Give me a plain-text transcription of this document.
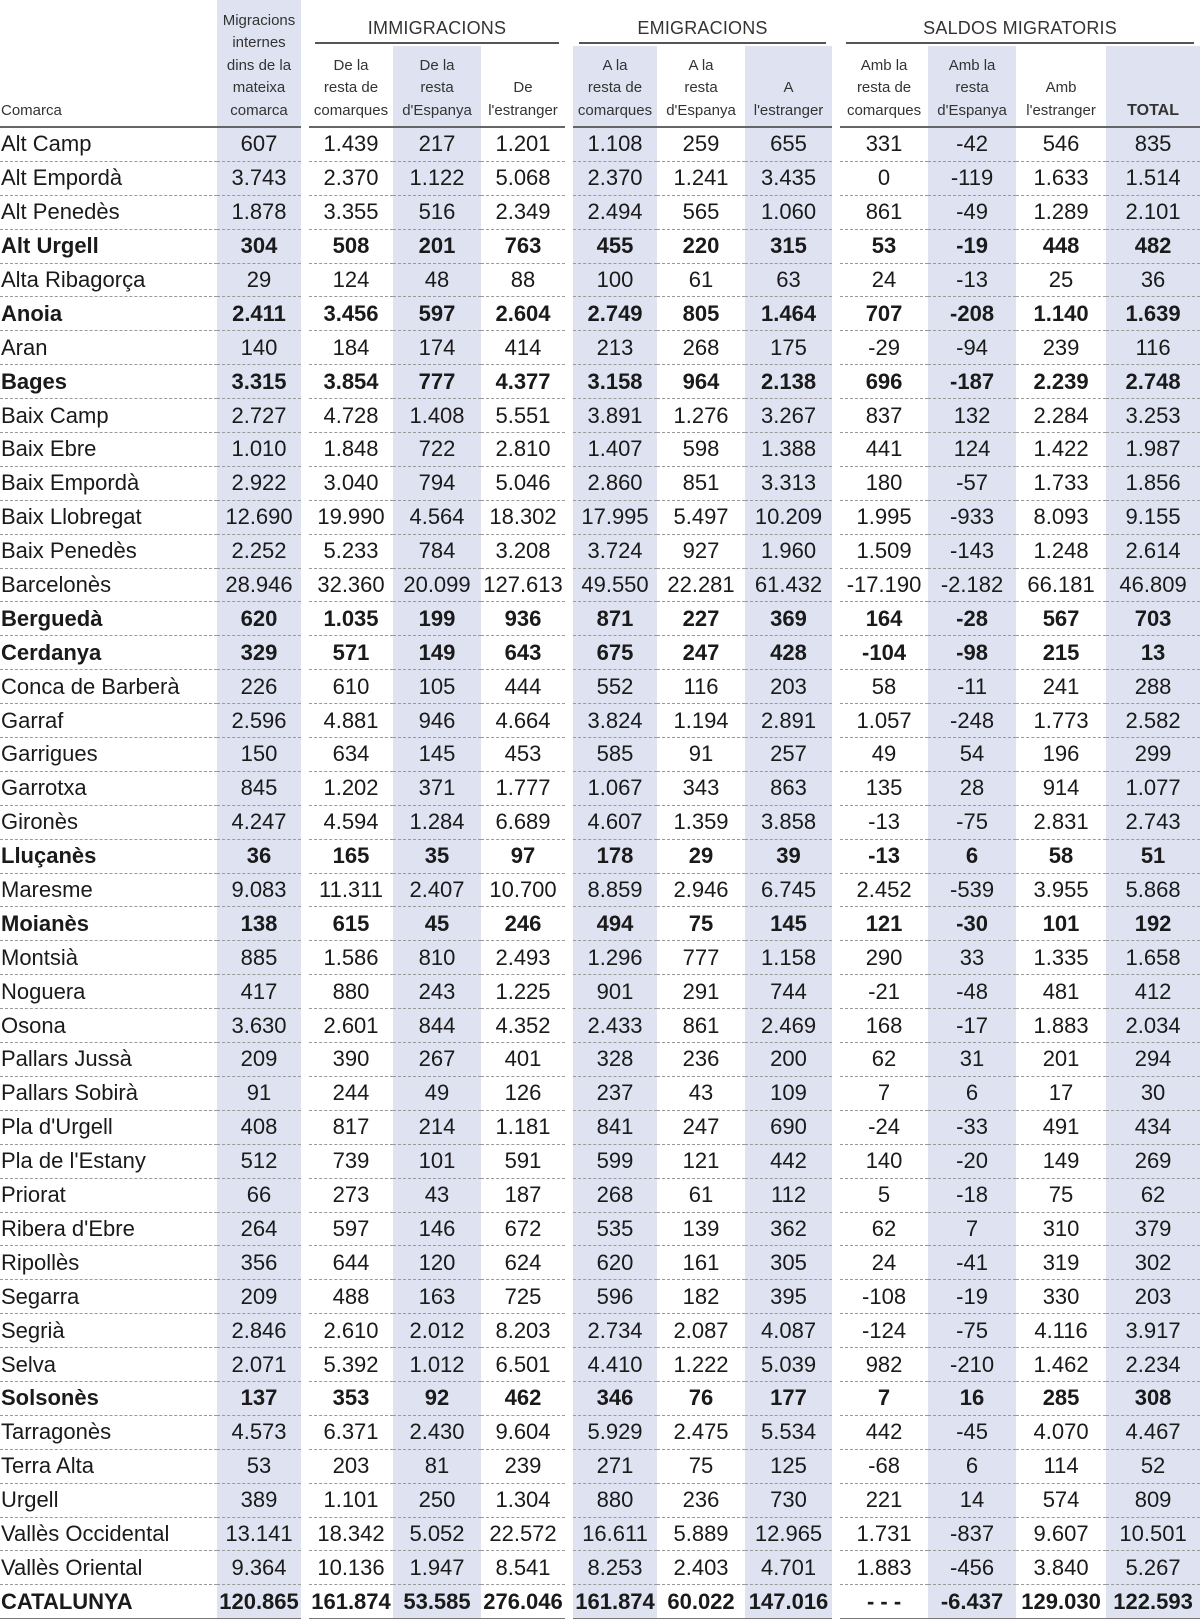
	Migracions
internes
dins de la
mateixa
comarca	IMMIGRACIONS			EMIGRACIONS			SALDOS MIGRATORIS			

Comarca		De la
resta de
comarques	De la
resta
d'Espanya	De
l'estranger	A la
resta de
comarques	A la
resta
d'Espanya	A
l'estranger	Amb la
resta de
comarques	Amb la
resta
d'Espanya	Amb
l'estranger	TOTAL

Alt Camp	607	1.439	217	1.201	1.108	259	655	331	-42	546	835
Alt Empordà	3.743	2.370	1.122	5.068	2.370	1.241	3.435	0	-119	1.633	1.514
Alt Penedès	1.878	3.355	516	2.349	2.494	565	1.060	861	-49	1.289	2.101
Alt Urgell	304	508	201	763	455	220	315	53	-19	448	482
Alta Ribagorça	29	124	48	88	100	61	63	24	-13	25	36
Anoia	2.411	3.456	597	2.604	2.749	805	1.464	707	-208	1.140	1.639
Aran	140	184	174	414	213	268	175	-29	-94	239	116
Bages	3.315	3.854	777	4.377	3.158	964	2.138	696	-187	2.239	2.748
Baix Camp	2.727	4.728	1.408	5.551	3.891	1.276	3.267	837	132	2.284	3.253
Baix Ebre	1.010	1.848	722	2.810	1.407	598	1.388	441	124	1.422	1.987
Baix Empordà	2.922	3.040	794	5.046	2.860	851	3.313	180	-57	1.733	1.856
Baix Llobregat	12.690	19.990	4.564	18.302	17.995	5.497	10.209	1.995	-933	8.093	9.155
Baix Penedès	2.252	5.233	784	3.208	3.724	927	1.960	1.509	-143	1.248	2.614
Barcelonès	28.946	32.360	20.099	127.613	49.550	22.281	61.432	-17.190	-2.182	66.181	46.809
Berguedà	620	1.035	199	936	871	227	369	164	-28	567	703
Cerdanya	329	571	149	643	675	247	428	-104	-98	215	13
Conca de Barberà	226	610	105	444	552	116	203	58	-11	241	288
Garraf	2.596	4.881	946	4.664	3.824	1.194	2.891	1.057	-248	1.773	2.582
Garrigues	150	634	145	453	585	91	257	49	54	196	299
Garrotxa	845	1.202	371	1.777	1.067	343	863	135	28	914	1.077
Gironès	4.247	4.594	1.284	6.689	4.607	1.359	3.858	-13	-75	2.831	2.743
Lluçanès	36	165	35	97	178	29	39	-13	6	58	51
Maresme	9.083	11.311	2.407	10.700	8.859	2.946	6.745	2.452	-539	3.955	5.868
Moianès	138	615	45	246	494	75	145	121	-30	101	192
Montsià	885	1.586	810	2.493	1.296	777	1.158	290	33	1.335	1.658
Noguera	417	880	243	1.225	901	291	744	-21	-48	481	412
Osona	3.630	2.601	844	4.352	2.433	861	2.469	168	-17	1.883	2.034
Pallars Jussà	209	390	267	401	328	236	200	62	31	201	294
Pallars Sobirà	91	244	49	126	237	43	109	7	6	17	30
Pla d'Urgell	408	817	214	1.181	841	247	690	-24	-33	491	434
Pla de l'Estany	512	739	101	591	599	121	442	140	-20	149	269
Priorat	66	273	43	187	268	61	112	5	-18	75	62
Ribera d'Ebre	264	597	146	672	535	139	362	62	7	310	379
Ripollès	356	644	120	624	620	161	305	24	-41	319	302
Segarra	209	488	163	725	596	182	395	-108	-19	330	203
Segrià	2.846	2.610	2.012	8.203	2.734	2.087	4.087	-124	-75	4.116	3.917
Selva	2.071	5.392	1.012	6.501	4.410	1.222	5.039	982	-210	1.462	2.234
Solsonès	137	353	92	462	346	76	177	7	16	285	308
Tarragonès	4.573	6.371	2.430	9.604	5.929	2.475	5.534	442	-45	4.070	4.467
Terra Alta	53	203	81	239	271	75	125	-68	6	114	52
Urgell	389	1.101	250	1.304	880	236	730	221	14	574	809
Vallès Occidental	13.141	18.342	5.052	22.572	16.611	5.889	12.965	1.731	-837	9.607	10.501
Vallès Oriental	9.364	10.136	1.947	8.541	8.253	2.403	4.701	1.883	-456	3.840	5.267
CATALUNYA	120.865	161.874	53.585	276.046	161.874	60.022	147.016	- - -	-6.437	129.030	122.593
